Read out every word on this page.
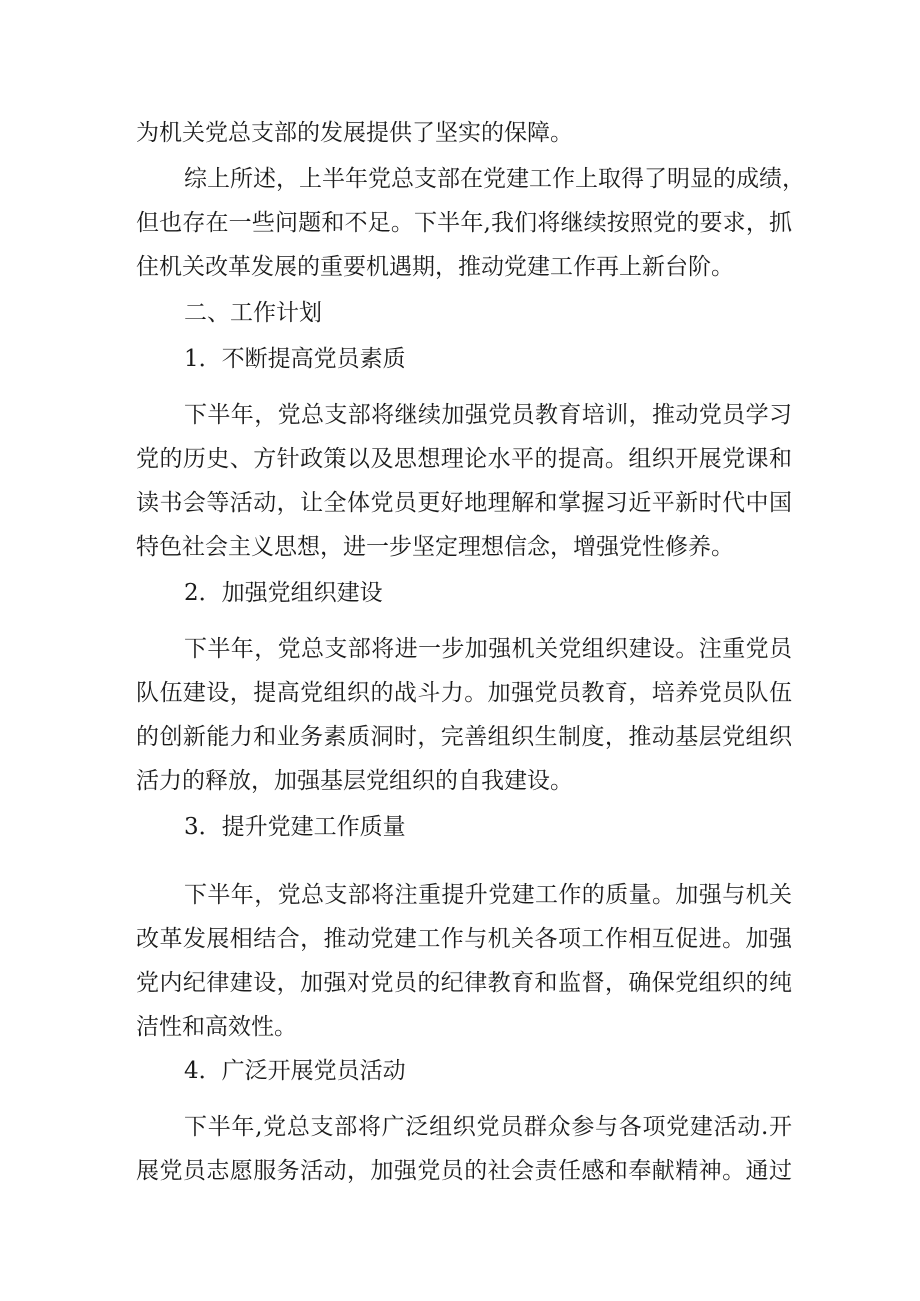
为机关党总支部的发展提供了坚实的保障。
综上所述，上半年党总支部在党建工作上取得了明显的成绩，
但也存在一些问题和不足。下半年,我们将继续按照党的要求，抓
住机关改革发展的重要机遇期，推动党建工作再上新台阶。
二、工作计划
1．不断提高党员素质
下半年，党总支部将继续加强党员教育培训，推动党员学习
党的历史、方针政策以及思想理论水平的提高。组织开展党课和
读书会等活动，让全体党员更好地理解和掌握习近平新时代中国
特色社会主义思想，进一步坚定理想信念，增强党性修养。
2．加强党组织建设
下半年，党总支部将进一步加强机关党组织建设。注重党员
队伍建设，提高党组织的战斗力。加强党员教育，培养党员队伍
的创新能力和业务素质洞时，完善组织生制度，推动基层党组织
活力的释放，加强基层党组织的自我建设。
3．提升党建工作质量
下半年，党总支部将注重提升党建工作的质量。加强与机关
改革发展相结合，推动党建工作与机关各项工作相互促进。加强
党内纪律建设，加强对党员的纪律教育和监督，确保党组织的纯
洁性和高效性。
4．广泛开展党员活动
下半年,党总支部将广泛组织党员群众参与各项党建活动.开
展党员志愿服务活动，加强党员的社会责任感和奉献精神。通过
